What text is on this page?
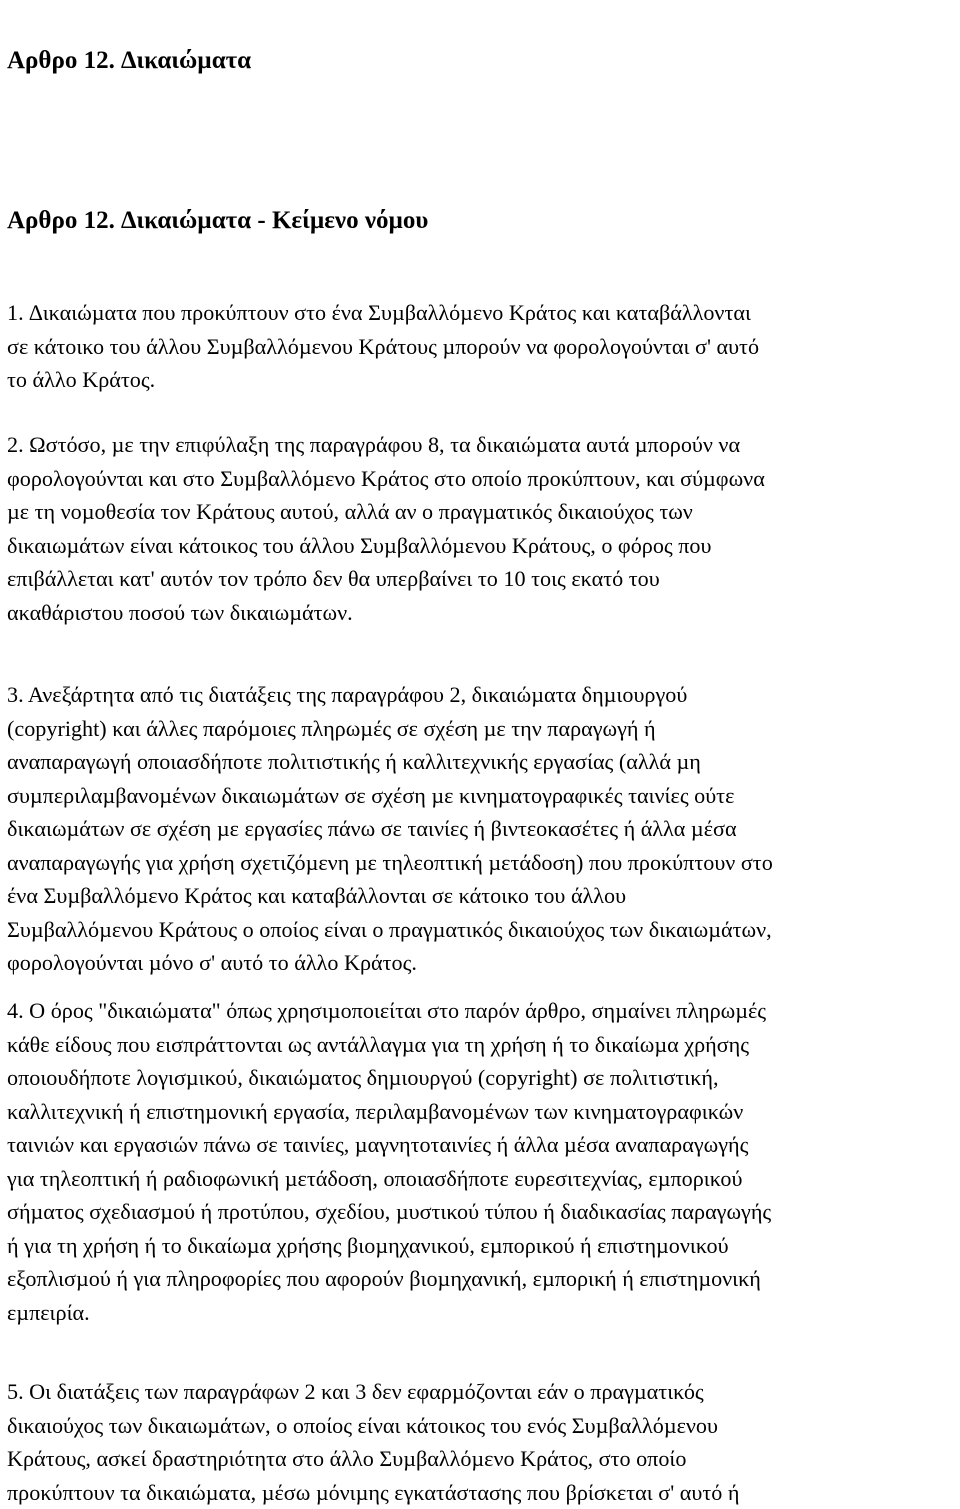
Αρθρο 12. ∆ικαιώµατα
Αρθρο 12. ∆ικαιώµατα - Κείµενο νόµου

1. ∆ικαιώµατα που προκύπτουν στο ένα Συµβαλλόµενο Κράτος και καταβάλλονται
σε κάτοικο του άλλου Συµβαλλόµενου Κράτους µπορούν να φορολογούνται σ' αυτό
το άλλο Κράτος.

2. Ωστόσο, µε την επιφύλαξη της παραγράφου 8, τα δικαιώµατα αυτά µπορούν να
φορολογούνται και στο Συµβαλλόµενο Κράτος στο οποίο προκύπτουν, και σύµφωνα
µε τη νοµοθεσία τον Κράτους αυτού, αλλά αν ο πραγµατικός δικαιούχος των
δικαιωµάτων είναι κάτοικος του άλλου Συµβαλλόµενου Κράτους, ο φόρος που
επιβάλλεται κατ' αυτόν τον τρόπο δεν θα υπερβαίνει το 10 τοις εκατό του
ακαθάριστου ποσού των δικαιωµάτων.

3. Ανεξάρτητα από τις διατάξεις της παραγράφου 2, δικαιώµατα δηµιουργού
(copyright) και άλλες παρόµοιες πληρωµές σε σχέση µε την παραγωγή ή
αναπαραγωγή οποιασδήποτε πολιτιστικής ή καλλιτεχνικής εργασίας (αλλά µη
συµπεριλαµβανοµένων δικαιωµάτων σε σχέση µε κινηµατογραφικές ταινίες ούτε
δικαιωµάτων σε σχέση µε εργασίες πάνω σε ταινίες ή βιντεοκασέτες ή άλλα µέσα
αναπαραγωγής για χρήση σχετιζόµενη µε τηλεοπτική µετάδοση) που προκύπτουν στο
ένα Συµβαλλόµενο Κράτος και καταβάλλονται σε κάτοικο του άλλου
Συµβαλλόµενου Κράτους ο οποίος είναι ο πραγµατικός δικαιούχος των δικαιωµάτων,
φορολογούνται µόνο σ' αυτό το άλλο Κράτος.

4. Ο όρος "δικαιώµατα" όπως χρησιµοποιείται στο παρόν άρθρο, σηµαίνει πληρωµές
κάθε είδους που εισπράττονται ως αντάλλαγµα για τη χρήση ή το δικαίωµα χρήσης
οποιουδήποτε λογισµικού, δικαιώµατος δηµιουργού (copyright) σε πολιτιστική,
καλλιτεχνική ή επιστηµονική εργασία, περιλαµβανοµένων των κινηµατογραφικών
ταινιών και εργασιών πάνω σε ταινίες, µαγνητοταινίες ή άλλα µέσα αναπαραγωγής
για τηλεοπτική ή ραδιοφωνική µετάδοση, οποιασδήποτε ευρεσιτεχνίας, εµπορικού
σήµατος σχεδιασµού ή προτύπου, σχεδίου, µυστικού τύπου ή διαδικασίας παραγωγής
ή για τη χρήση ή το δικαίωµα χρήσης βιοµηχανικού, εµπορικού ή επιστηµονικού
εξοπλισµού ή για πληροφορίες που αφορούν βιοµηχανική, εµπορική ή επιστηµονική
εµπειρία.

5. Οι διατάξεις των παραγράφων 2 και 3 δεν εφαρµόζονται εάν ο πραγµατικός
δικαιούχος των δικαιωµάτων, ο οποίος είναι κάτοικος του ενός Συµβαλλόµενου
Κράτους, ασκεί δραστηριότητα στο άλλο Συµβαλλόµενο Κράτος, στο οποίο
προκύπτουν τα δικαιώµατα, µέσω µόνιµης εγκατάστασης που βρίσκεται σ' αυτό ή
